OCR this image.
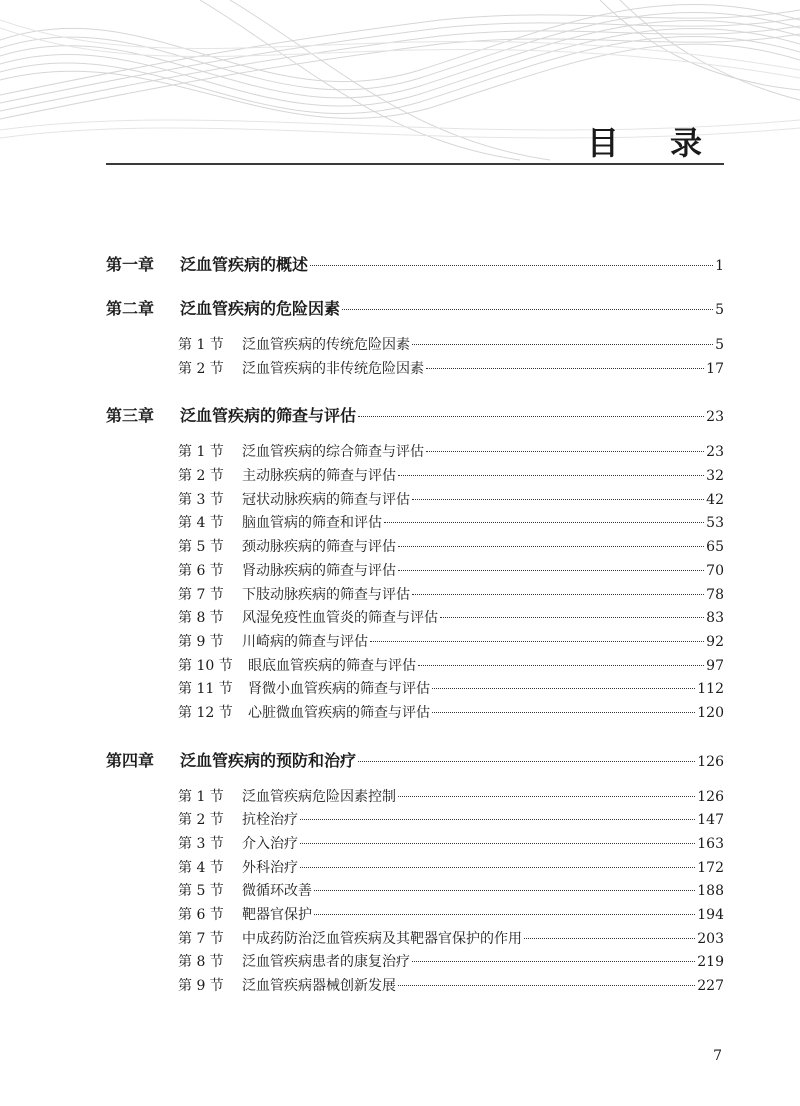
目 录
第一章 泛血管疾病的概述	1
第二章 泛血管疾病的危险因素	5
第 1 节 泛血管疾病的传统危险因素	5
第 2 节 泛血管疾病的非传统危险因素	17
第三章 泛血管疾病的筛查与评估	23
第 1 节 泛血管疾病的综合筛查与评估	23
第 2 节 主动脉疾病的筛查与评估	32
第 3 节 冠状动脉疾病的筛查与评估	42
第 4 节 脑血管病的筛查和评估	53
第 5 节 颈动脉疾病的筛查与评估	65
第 6 节 肾动脉疾病的筛查与评估	70
第 7 节 下肢动脉疾病的筛查与评估	78
第 8 节 风湿免疫性血管炎的筛查与评估	83
第 9 节 川崎病的筛查与评估	92
第 10 节 眼底血管疾病的筛查与评估	97
第 11 节 肾微小血管疾病的筛查与评估	112
第 12 节 心脏微血管疾病的筛查与评估	120
第四章 泛血管疾病的预防和治疗	126
第 1 节 泛血管疾病危险因素控制	126
第 2 节 抗栓治疗	147
第 3 节 介入治疗	163
第 4 节 外科治疗	172
第 5 节 微循环改善	188
第 6 节 靶器官保护	194
第 7 节 中成药防治泛血管疾病及其靶器官保护的作用	203
第 8 节 泛血管疾病患者的康复治疗	219
第 9 节 泛血管疾病器械创新发展	227

7
